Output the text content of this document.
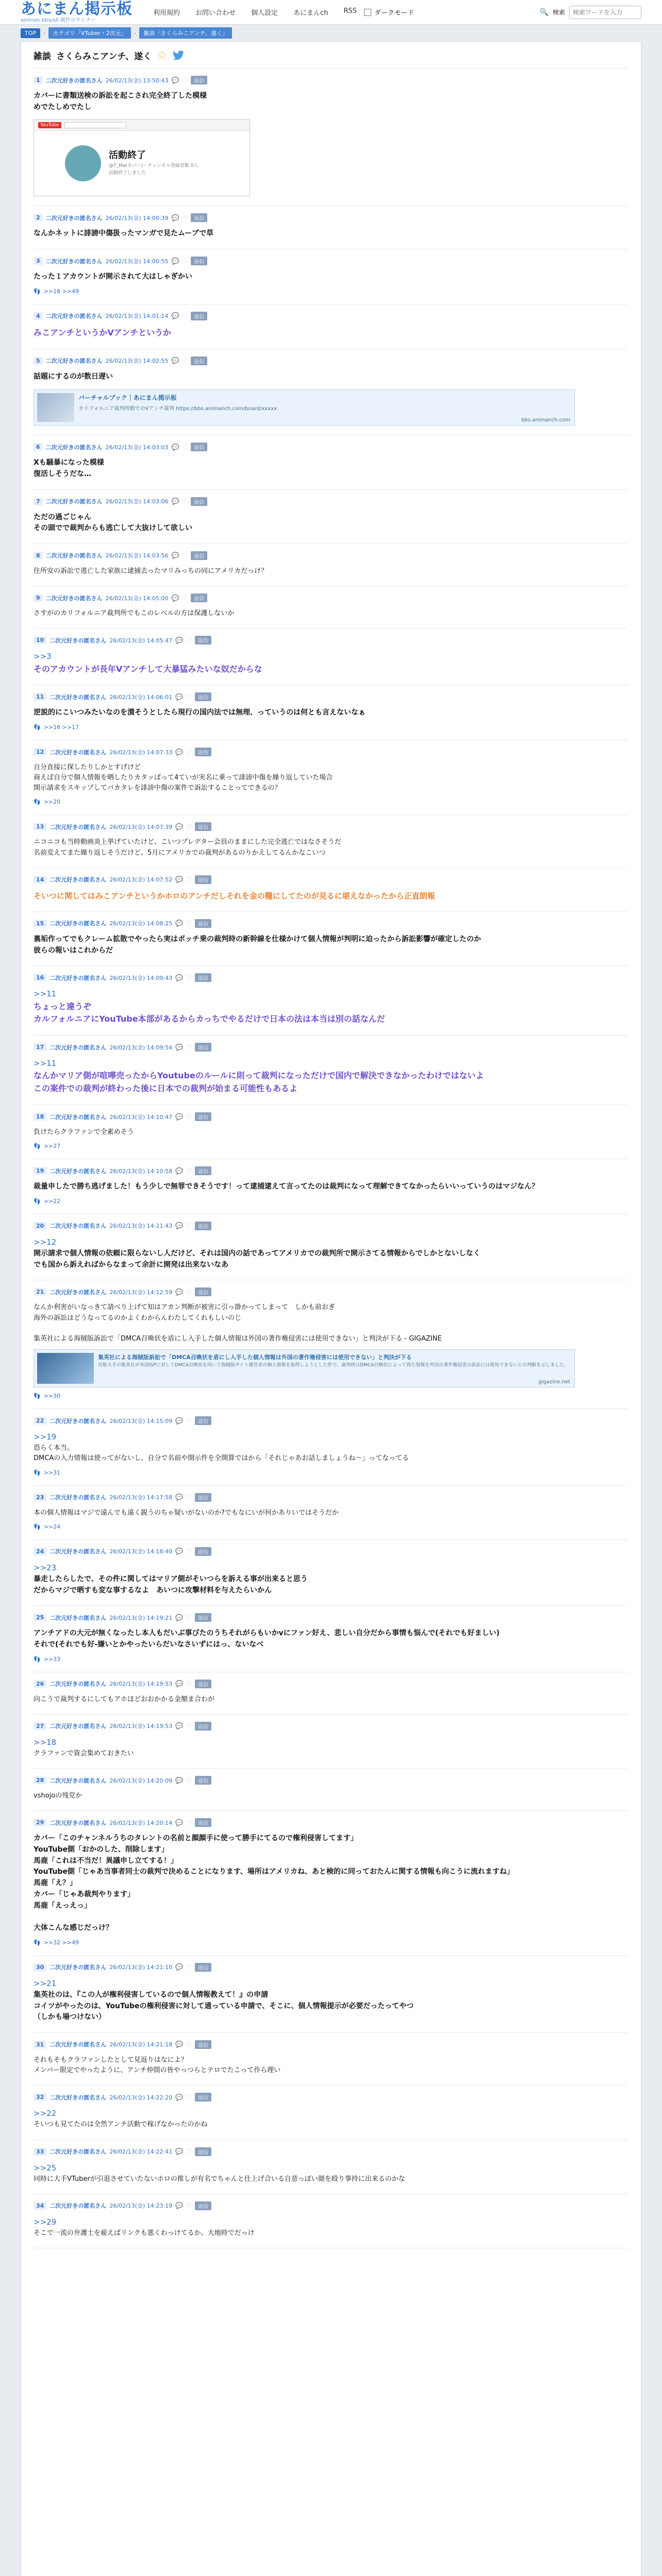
あにまん掲示板
animan bbs/all 創作ロテンナー
利用規約 お問い合わせ 個人設定 あにまんch RSS	ダークモード	🔍 検索
検索ワードを入力
TOP	›	カテゴリ「VTuber・2次元」	›	雑談「さくらみこアンチ、遂く」
雑談 さくらみこアンチ、遂く ☆
1	二次元好きの匿名さん 26/02/13(金) 13:50:43 💬 ♡	返信
カバーに書類送検の訴訟を起こされ完全終了した模様
めでたしめでたし
YouTube
活動終了
@T_Ma(カバー)・チャンネル登録者数 0人
活動終了しました
2	二次元好きの匿名さん 26/02/13(金) 14:00:39 💬 ♡	返信
なんかネットに誹謗中傷扱ったマンガで見たムーブで草
3	二次元好きの匿名さん 26/02/13(金) 14:00:55 💬 ♡	返信
たった１アカウントが開示されて大はしゃぎかい
👣 >>16 >>49
4	二次元好きの匿名さん 26/02/13(金) 14:01:14 💬 ♡	返信
みこアンチというかVアンチというか
5	二次元好きの匿名さん 26/02/13(金) 14:02:55 💬 ♡	返信
話題にするのが数日遅い
バーチャルブック｜あにまん掲示板
カリフォルニア裁判所動でのVアンチ裁判 https://bbs.animanch.com/board/xxxxx
bbs.animanch.com
6	二次元好きの匿名さん 26/02/13(金) 14:03:03 💬 ♡	返信
Xも騒暴になった模様
復活しそうだな…
7	二次元好きの匿名さん 26/02/13(金) 14:03:06 💬 ♡	返信
ただの過ごじゃん
その頭でで裁判からも逃亡して大抜けして欲しい
8	二次元好きの匿名さん 26/02/13(金) 14:03:56 💬 ♡	返信
住所安の訴訟で逃亡した家族に逮捕去ったマリみっちの同にアメリカだっけ？
9	二次元好きの匿名さん 26/02/13(金) 14:05:00 💬 ♡	返信
さすがのカリフォルニア裁判所でもこのレベルの方は保護しないか
10	二次元好きの匿名さん 26/02/13(金) 14:05:47 💬 ♡	返信
>>3
そのアカウントが長年Vアンチして大暴猛みたいな奴だからな
11	二次元好きの匿名さん 26/02/13(金) 14:06:01 💬 ♡	返信
逆説的にこいつみたいなのを潰そうとしたら現行の国内法では無理、っていうのは何とも言えないなぁ
👣 >>16 >>17
12	二次元好きの匿名さん 26/02/13(金) 14:07:33 💬 ♡	返信
自分直接に探したりしかとすげけど
商えば自分で個人情報を晒したりカタッぱって4ていが実名に乗って誹謗中傷を繰り返していた場合
開示請求をスキップしてバカタレを誹謗中傷の案件で訴訟することってできるの？
👣 >>20
13	二次元好きの匿名さん 26/02/13(金) 14:07:39 💬 ♡	返信
ニコニコも当時動画炎上挙げていたけど、こいつプレデター会員のままにした完全逃亡ではなさそうだ
名前変えてまた繰り返しそうだけど、5月にアメリカでの裁判があるのりかえしてるんかなこいつ
14	二次元好きの匿名さん 26/02/13(金) 14:07:52 💬 ♡	返信
そいつに関してはみこアンチというかホロのアンチだしそれを金の糧にしてたのが見るに堪えなかったから正直朗報
15	二次元好きの匿名さん 26/02/13(金) 14:08:25 💬 ♡	返信
裏垢作ってでもクレーム拡散でやったら実はボッチ乗の裁判時の新幹線を仕様かけて個人情報が判明に迫ったから訴訟影響が確定したのか
彼らの報いはこれからだ
16	二次元好きの匿名さん 26/02/13(金) 14:09:43 💬 ♡	返信
>>11
ちょっと違うぞ
カルフォルニアにYouTube本部があるからカっちでやるだけで日本の法は本当は別の話なんだ
17	二次元好きの匿名さん 26/02/13(金) 14:09:54 💬 ♡	返信
>>11
なんかマリア側が喧嘩売ったからYoutubeのルールに則って裁判になっただけで国内で解決できなかったわけではないよ
この案件での裁判が終わった後に日本での裁判が始まる可能性もあるよ
18	二次元好きの匿名さん 26/02/13(金) 14:10:47 💬 ♡	返信
負けたらクラファンで全素めそう
👣 >>27
19	二次元好きの匿名さん 26/02/13(金) 14:10:58 💬 ♡	返信
裁量申したで勝ち逃げました！もう少しで無罪できそうです！って逮捕逮えて言ってたのは裁判になって理解できてなかったらいいっていうのはマジなん？
👣 >>22
20	二次元好きの匿名さん 26/02/13(金) 14:11:43 💬 ♡	返信
>>12
開示請求で個人情報の依頼に限らないし人だけど、それは国内の話であってアメリカでの裁判所で開示さてる情報からでしかとないしなく
でも国から訴えればからなまって余計に開発は出来ないなあ
21	二次元好きの匿名さん 26/02/13(金) 14:12:59 💬 ♡	返信
なんか利害がいなっきて請べり上げて知はアカン判断が被害に引っ掛かってしまって　しかも前おぎ
海外の訴訟はどうなってるのかよくわからんわたしてくれもしいのじ

集英社による海賊版訴訟で「DMCA召喚状を盾にし入手した個人情報は外国の著作権侵害には使用できない」と判決が下る - GIGAZINE
集英社による海賊版訴訟で「DMCA召喚状を盾にし入手した個人情報は外国の著作権侵害には使用できない」と判決が下る
出版大手の集英社が米国ISPに対してDMCA召喚状を用いて海賊版サイト運営者の個人情報を取得しようとした件で、裁判所はDMCA召喚状によって得た情報を外国の著作権侵害の訴訟には使用できないとの判断を示しました。
gigazine.net
👣 >>30
22	二次元好きの匿名さん 26/02/13(金) 14:15:09 💬 ♡	返信
>>19
恐らく本当。
DMCAの入力情報は使ってがないし、自分で名前や開示件を全開算ではから「それじゃあお話しましょうね〜」ってなってる
👣 >>31
23	二次元好きの匿名さん 26/02/13(金) 14:17:58 💬 ♡	返信
本の個人情報はマジで遠んでも遠く鋭うのちゃ疑いがないのか?でもなにいが何かありいではそうだか
👣 >>24
24	二次元好きの匿名さん 26/02/13(金) 14:18:40 💬 ♡	返信
>>23
暴走したらしたで、その件に関してはマリア側がそいつらを訴える事が出来ると思う
だからマジで晒すも変な事するなよ　あいつに攻撃材料を与えたらいかん
25	二次元好きの匿名さん 26/02/13(金) 14:19:21 💬 ♡	返信
アンチアドの大元が無くなったし本人もだいぶ事びたのうちそれがらもいかvにファン好え、悲しい自分だから事情も悩んで(それでも好ましい)
それで(それでも好-嫌いとかやったいらだいなさいずにはっ、ないなべ
👣 >>33
26	二次元好きの匿名さん 26/02/13(金) 14:19:53 💬 ♡	返信
向こうで裁判するにしてもアホほどおおかかる金額ま合わが
27	二次元好きの匿名さん 26/02/13(金) 14:19:53 💬 ♡	返信
>>18
クラファンで資会集めておきたい
28	二次元好きの匿名さん 26/02/13(金) 14:20:09 💬 ♡	返信
vshojoの残党か
29	二次元好きの匿名さん 26/02/13(金) 14:20:14 💬 ♡	返信
カバー「このチャンネルうちのタレントの名前と顔顔手に使って勝手にてるので権利侵害してます」
YouTube側「おかのした、削除します」
馬鹿「これは不当だ！異議申し立てする！」
YouTube側「じゃあ当事者同士の裁判で決めることになります、場所はアメリカね、あと検的に同っておたんに関する情報も向こうに流れますね」
馬鹿「え？」
カバー「じゃあ裁判やります」
馬鹿「えっえっ」

大体こんな感じだっけ？
👣 >>32 >>49
30	二次元好きの匿名さん 26/02/13(金) 14:21:10 💬 ♡	返信
>>21
集英社のは、『この人が権利侵害しているので個人情報教えて！』の申請
コイツがやったのは、YouTubeの権利侵害に対して通っている申請で、そこに、個人情報提示が必要だったってやつ
（しかも場つけない）
31	二次元好きの匿名さん 26/02/13(金) 14:21:18 💬 ♡	返信
それもそもクラファンしたとして見返りはなによ？
メンバー限定でやったように、アンチ仲間の皆やっつらとテロでたこって作ら理い
32	二次元好きの匿名さん 26/02/13(金) 14:22:20 💬 ♡	返信
>>22
そいつも見てたのは全然アンチ活動で稼げなかったのかね
33	二次元好きの匿名さん 26/02/13(金) 14:22:41 💬 ♡	返信
>>25
同時に大手VTuberが引退させていたないホロの推しが有名でちゃんと仕上げ合いる自意っぽい顔を殴り事持に出来るのかな
34	二次元好きの匿名さん 26/02/13(金) 14:23:19 💬 ♡	返信
>>29
そこで一流の弁護士を雇えばリンクも悪くわっけてるか、大地時でだっけ
